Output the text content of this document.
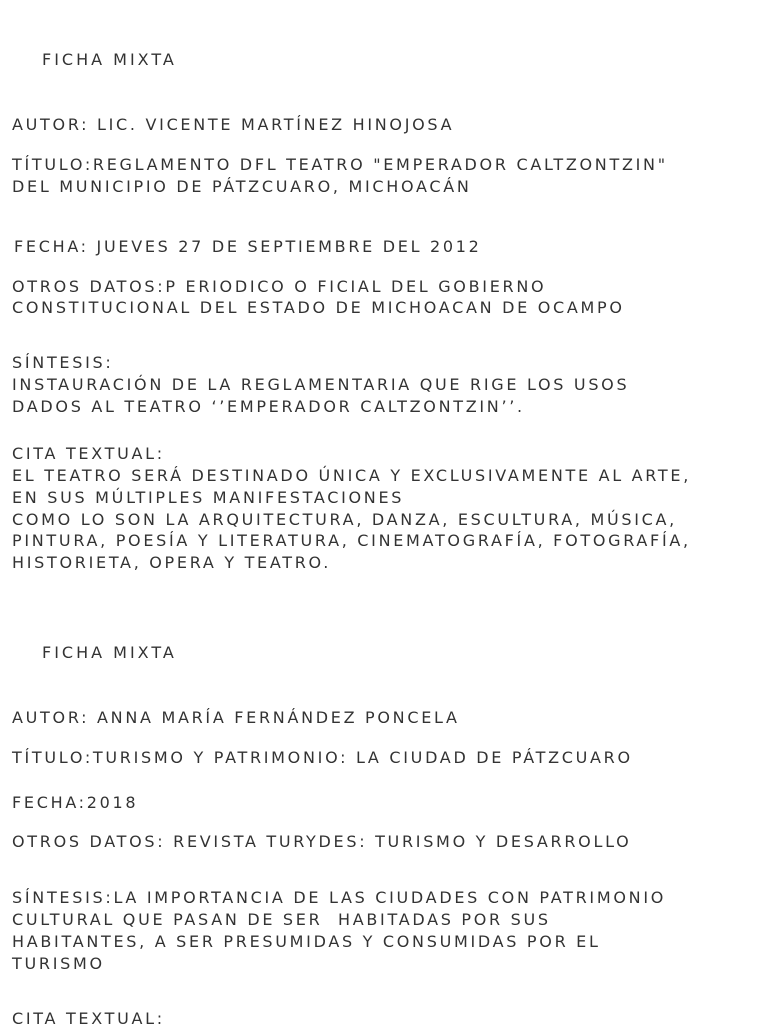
FICHA MIXTA

AUTOR: LIC. VICENTE MARTÍNEZ HINOJOSA

TÍTULO:REGLAMENTO DFL TEATRO "EMPERADOR CALTZONTZIN"

DEL MUNICIPIO DE PÁTZCUARO, MICHOACÁN

FECHA: JUEVES 27 DE SEPTIEMBRE DEL 2012

OTROS DATOS:P ERIODICO O FICIAL DEL GOBIERNO

CONSTITUCIONAL DEL ESTADO DE MICHOACAN DE OCAMPO

SÍNTESIS:

INSTAURACIÓN DE LA REGLAMENTARIA QUE RIGE LOS USOS

DADOS AL TEATRO ‘’EMPERADOR CALTZONTZIN’’.

CITA TEXTUAL:

EL TEATRO SERÁ DESTINADO ÚNICA Y EXCLUSIVAMENTE AL ARTE,

EN SUS MÚLTIPLES MANIFESTACIONES

COMO LO SON LA ARQUITECTURA, DANZA, ESCULTURA, MÚSICA,

PINTURA, POESÍA Y LITERATURA, CINEMATOGRAFÍA, FOTOGRAFÍA,

HISTORIETA, OPERA Y TEATRO.

FICHA MIXTA

AUTOR: ANNA MARÍA FERNÁNDEZ PONCELA

TÍTULO:TURISMO Y PATRIMONIO: LA CIUDAD DE PÁTZCUARO

FECHA:2018

OTROS DATOS: REVISTA TURYDES: TURISMO Y DESARROLLO

SÍNTESIS:LA IMPORTANCIA DE LAS CIUDADES CON PATRIMONIO

CULTURAL QUE PASAN DE SER  HABITADAS POR SUS

HABITANTES, A SER PRESUMIDAS Y CONSUMIDAS POR EL

TURISMO

CITA TEXTUAL:
